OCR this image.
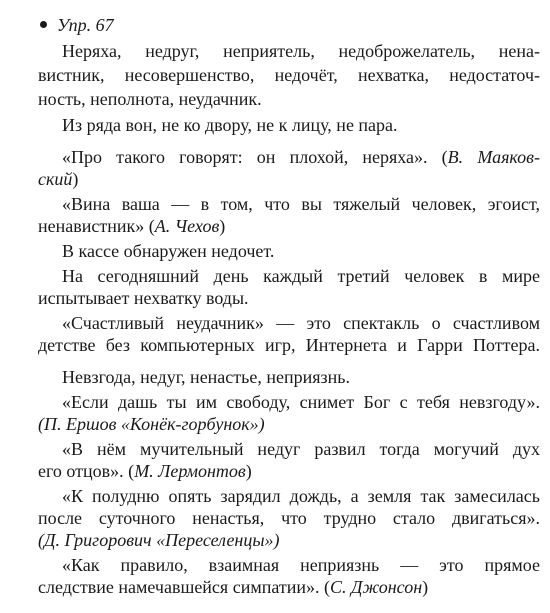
Упр. 67
Неряха, недруг, неприятель, недоброжелатель, нена-
вистник, несовершенство, недочёт, нехватка, недостаточ-
ность, неполнота, неудачник.
Из ряда вон, не ко двору, не к лицу, не пара.
«Про такого говорят: он плохой, неряха». (В. Маяков-
ский)
«Вина ваша — в том, что вы тяжелый человек, эгоист,
ненавистник» (А. Чехов)
В кассе обнаружен недочет.
На сегодняшний день каждый третий человек в мире
испытывает нехватку воды.
«Счастливый неудачник» — это спектакль о счастливом
детстве без компьютерных игр, Интернета и Гарри Поттера.
Невзгода, недуг, ненастье, неприязнь.
«Если дашь ты им свободу, снимет Бог с тебя невзгоду».
(П. Ершов «Конёк-горбунок»)
«В нём мучительный недуг развил тогда могучий дух
его отцов». (М. Лермонтов)
«К полудню опять зарядил дождь, а земля так замесилась
после суточного ненастья, что трудно стало двигаться».
(Д. Григорович «Переселенцы»)
«Как правило, взаимная неприязнь — это прямое
следствие намечавшейся симпатии». (С. Джонсон)
